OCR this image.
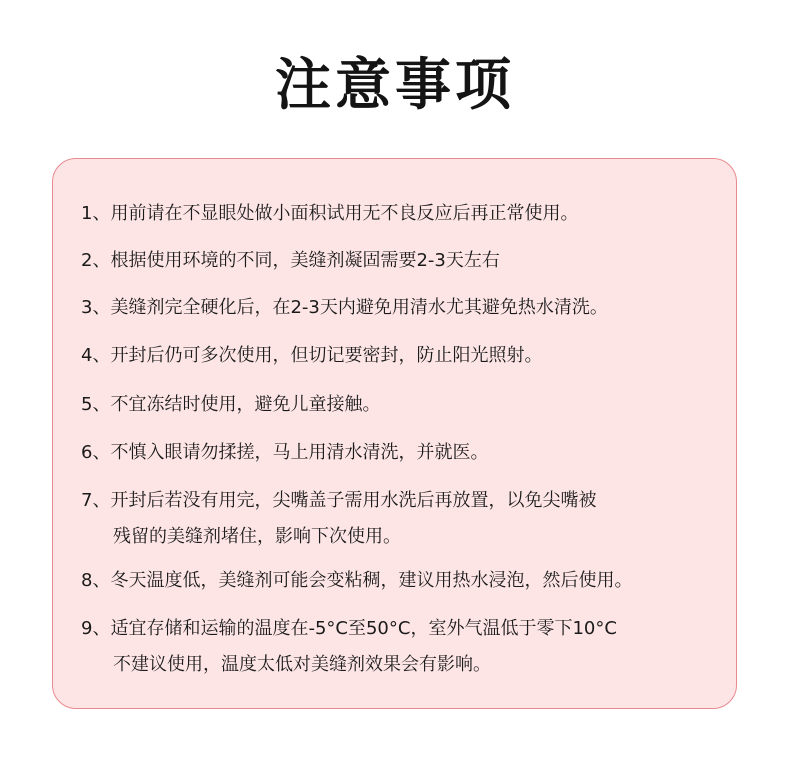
注意事项
1、用前请在不显眼处做小面积试用无不良反应后再正常使用。
2、根据使用环境的不同，美缝剂凝固需要2-3天左右
3、美缝剂完全硬化后，在2-3天内避免用清水尤其避免热水清洗。
4、开封后仍可多次使用，但切记要密封，防止阳光照射。
5、不宜冻结时使用，避免儿童接触。
6、不慎入眼请勿揉搓，马上用清水清洗，并就医。
7、开封后若没有用完，尖嘴盖子需用水洗后再放置，以免尖嘴被
残留的美缝剂堵住，影响下次使用。
8、冬天温度低，美缝剂可能会变粘稠，建议用热水浸泡，然后使用。
9、适宜存储和运输的温度在-5°C至50°C，室外气温低于零下10°C
不建议使用，温度太低对美缝剂效果会有影响。
